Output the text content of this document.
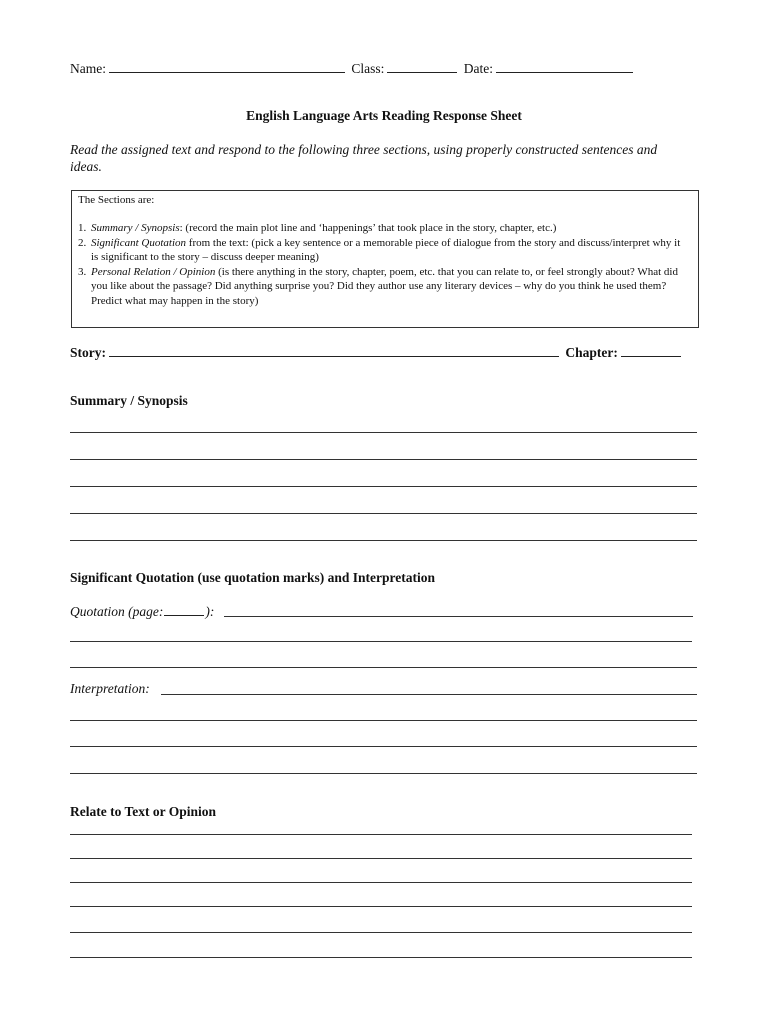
Name:	Class:	Date:
English Language Arts Reading Response Sheet
Read the assigned text and respond to the following three sections, using properly constructed sentences and ideas.
The Sections are:
1. Summary / Synopsis: (record the main plot line and ‘happenings’ that took place in the story, chapter, etc.)
2. Significant Quotation from the text: (pick a key sentence or a memorable piece of dialogue from the story and discuss/interpret why it is significant to the story – discuss deeper meaning)
3. Personal Relation / Opinion (is there anything in the story, chapter, poem, etc. that you can relate to, or feel strongly about? What did you like about the passage? Did anything surprise you? Did they author use any literary devices – why do you think he used them? Predict what may happen in the story)
Story:	Chapter:
Summary / Synopsis
Significant Quotation (use quotation marks) and Interpretation
Quotation (page:	):
Interpretation:
Relate to Text or Opinion
